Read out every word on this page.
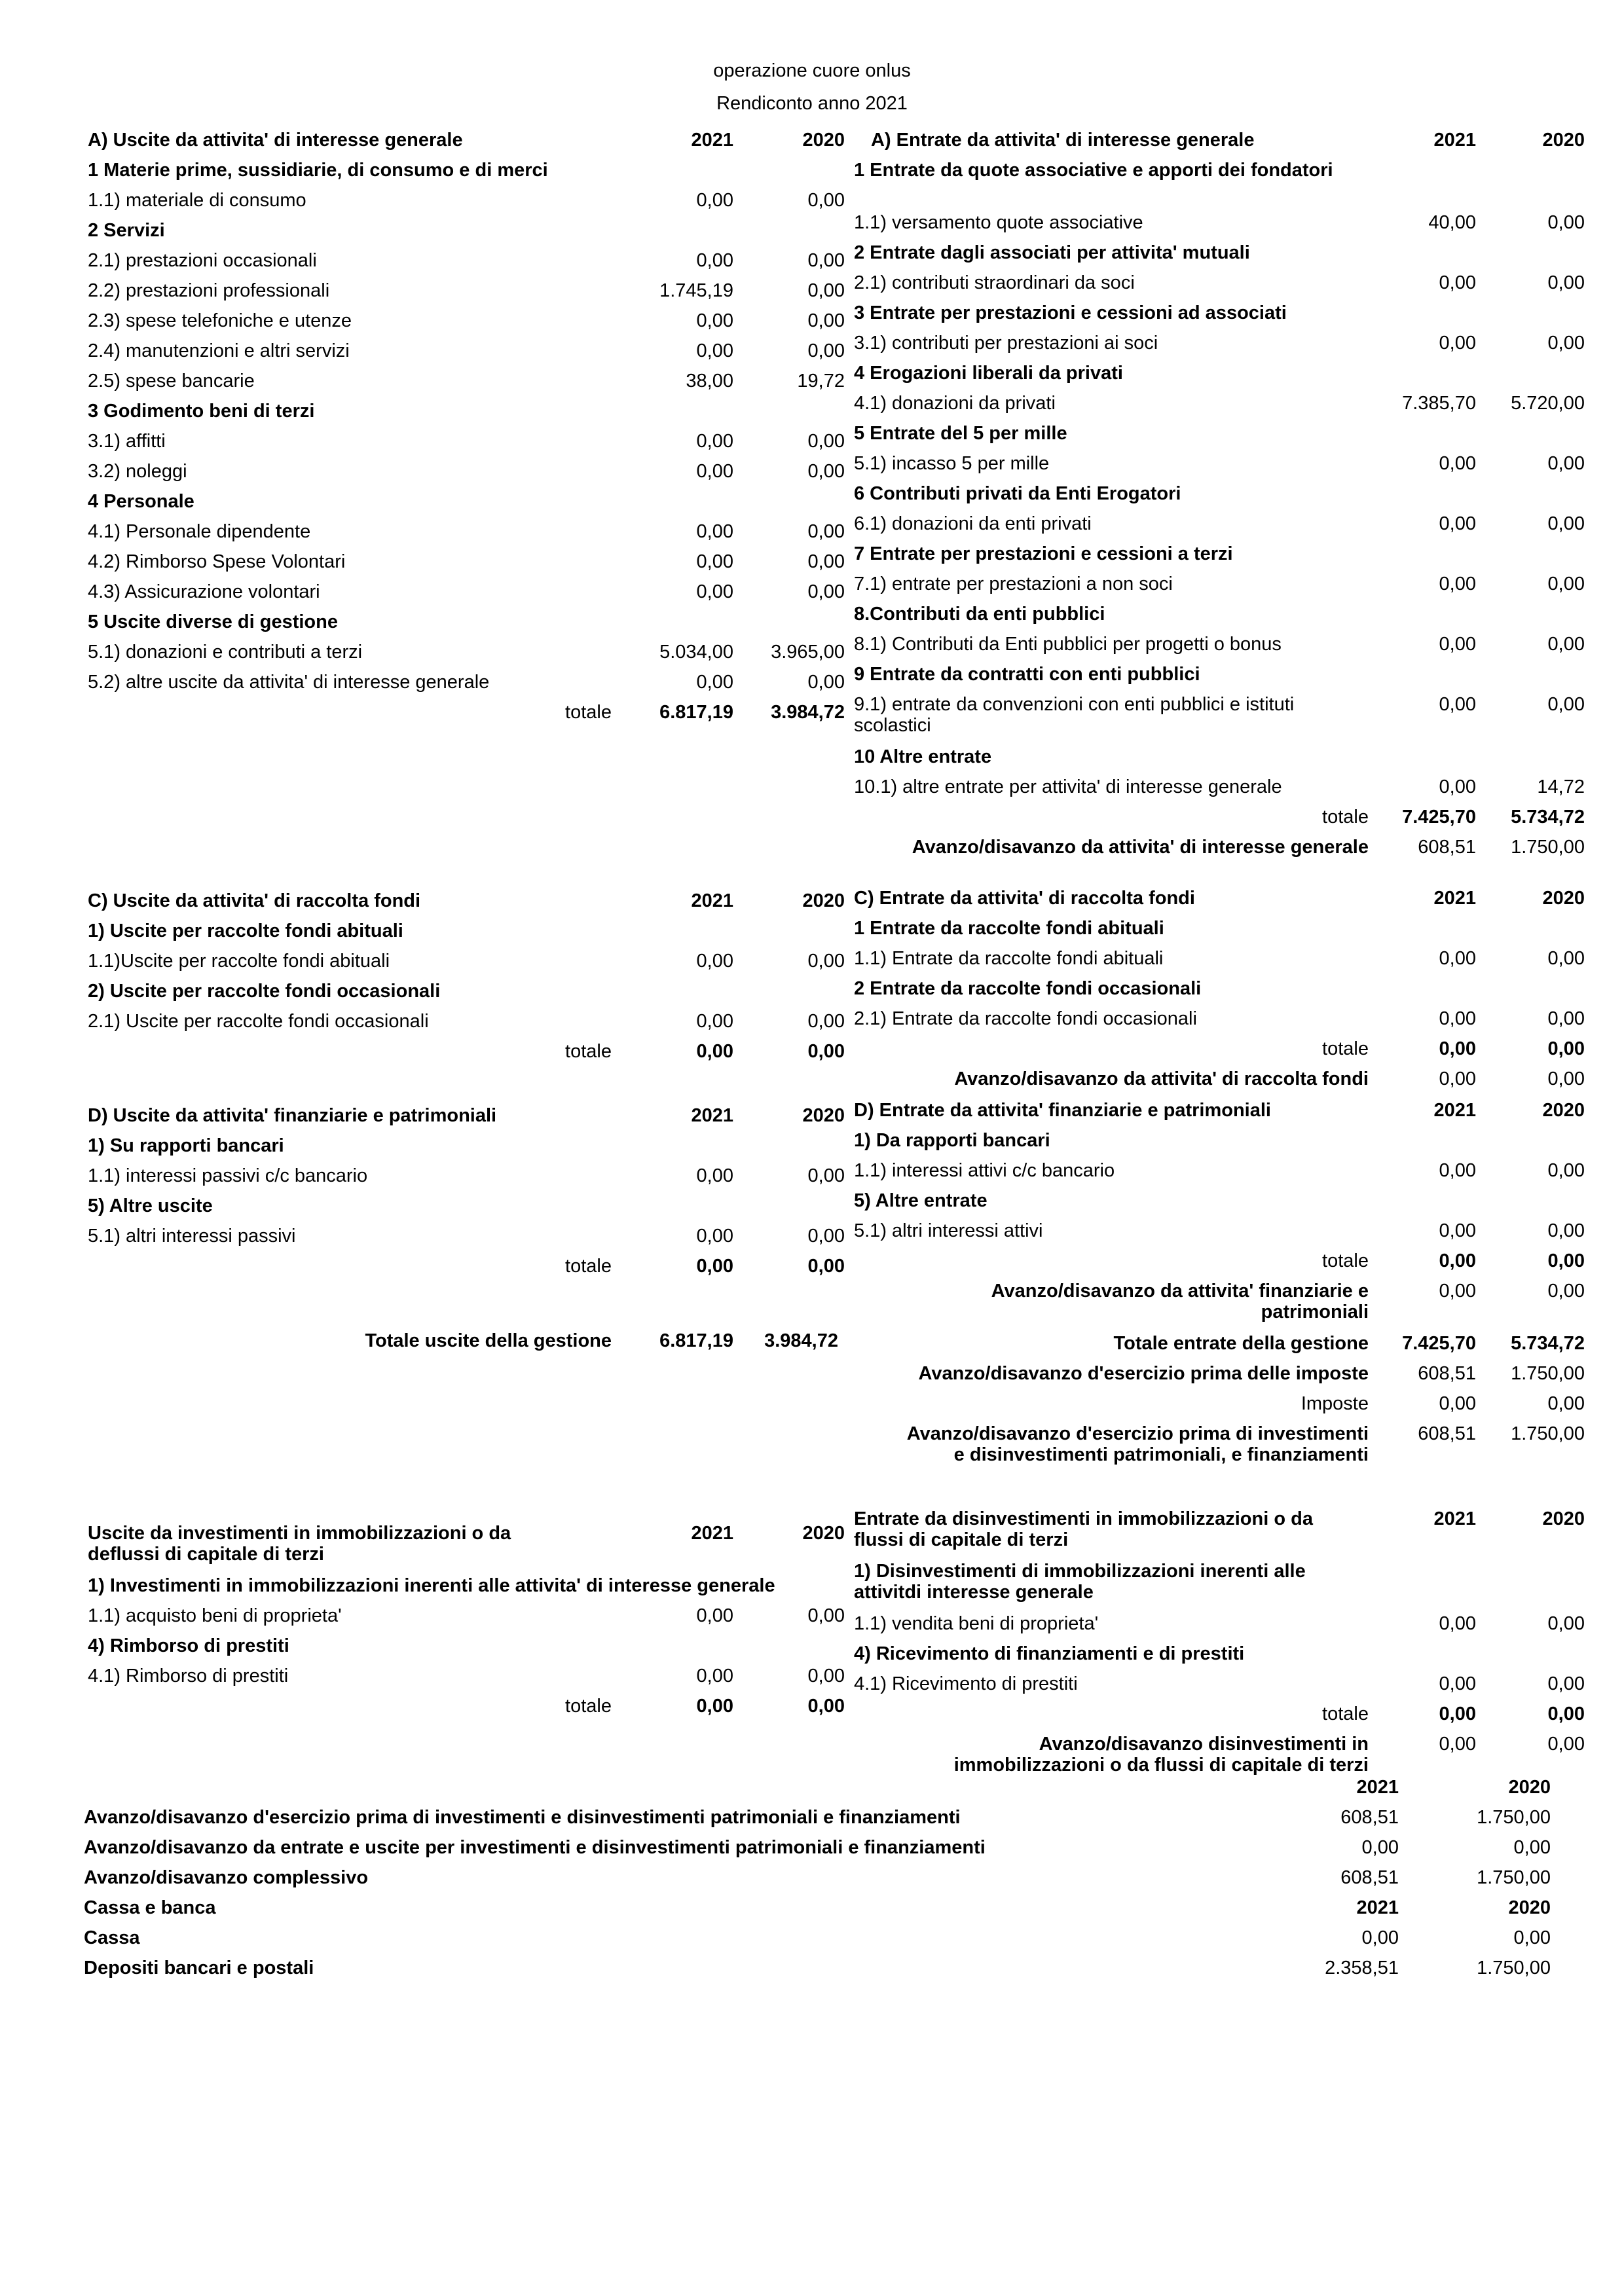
operazione cuore onlus
Rendiconto anno 2021
A) Uscite da attivita' di interesse generale	2021	2020
1 Materie prime, sussidiarie, di consumo e di merci
1.1) materiale di consumo	0,00	0,00
2 Servizi
2.1) prestazioni occasionali	0,00	0,00
2.2) prestazioni professionali	1.745,19	0,00
2.3) spese telefoniche e utenze	0,00	0,00
2.4) manutenzioni e altri servizi	0,00	0,00
2.5) spese bancarie	38,00	19,72
3 Godimento beni di terzi
3.1) affitti	0,00	0,00
3.2) noleggi	0,00	0,00
4 Personale
4.1) Personale dipendente	0,00	0,00
4.2) Rimborso Spese Volontari	0,00	0,00
4.3) Assicurazione volontari	0,00	0,00
5 Uscite diverse di gestione
5.1) donazioni e contributi a terzi	5.034,00 3.965,00
5.2) altre uscite da attivita' di interesse generale	0,00	0,00
totale	6.817,19 3.984,72
A) Entrate da attivita' di interesse generale	2021	2020
1 Entrate da quote associative e apporti dei fondatori
1.1) versamento quote associative	40,00	0,00
2 Entrate dagli associati per attivita' mutuali
2.1) contributi straordinari da soci	0,00	0,00
3 Entrate per prestazioni e cessioni ad associati
3.1) contributi per prestazioni ai soci	0,00	0,00
4 Erogazioni liberali da privati
4.1) donazioni da privati	7.385,70 5.720,00
5 Entrate del 5 per mille
5.1) incasso 5 per mille	0,00	0,00
6 Contributi privati da Enti Erogatori
6.1) donazioni da enti privati	0,00	0,00
7 Entrate per prestazioni e cessioni a terzi
7.1) entrate per prestazioni a non soci	0,00	0,00
8.Contributi da enti pubblici
8.1) Contributi da Enti pubblici per progetti o bonus	0,00	0,00
9 Entrate da contratti con enti pubblici
9.1) entrate da convenzioni con enti pubblici e istituti scolastici
0,00	0,00
10 Altre entrate
10.1) altre entrate per attivita' di interesse generale	0,00	14,72
totale 7.425,70 5.734,72
Avanzo/disavanzo da attivita' di interesse generale	608,51 1.750,00
C) Uscite da attivita' di raccolta fondi	2021	2020
1) Uscite per raccolte fondi abituali
1.1)Uscite per raccolte fondi abituali	0,00	0,00
2) Uscite per raccolte fondi occasionali
2.1) Uscite per raccolte fondi occasionali	0,00	0,00
totale	0,00	0,00
C) Entrate da attivita' di raccolta fondi	2021	2020
1 Entrate da raccolte fondi abituali
1.1) Entrate da raccolte fondi abituali	0,00	0,00
2 Entrate da raccolte fondi occasionali
2.1) Entrate da raccolte fondi occasionali	0,00	0,00
totale	0,00	0,00
Avanzo/disavanzo da attivita' di raccolta fondi	0,00	0,00
D) Uscite da attivita' finanziarie e patrimoniali	2021	2020
1) Su rapporti bancari
1.1) interessi passivi c/c bancario	0,00	0,00
5) Altre uscite
5.1) altri interessi passivi	0,00	0,00
totale	0,00	0,00
Totale uscite della gestione	6.817,19 3.984,72
D) Entrate da attivita' finanziarie e patrimoniali	2021	2020
1) Da rapporti bancari
1.1) interessi attivi c/c bancario	0,00	0,00
5) Altre entrate
5.1) altri interessi attivi	0,00	0,00
totale	0,00	0,00
Avanzo/disavanzo da attivita' finanziarie e patrimoniali
0,00	0,00
Totale entrate della gestione 7.425,70 5.734,72
Avanzo/disavanzo d'esercizio prima delle imposte	608,51 1.750,00
Imposte	0,00	0,00
Avanzo/disavanzo d'esercizio prima di investimenti e disinvestimenti patrimoniali, e finanziamenti
608,51 1.750,00
Uscite da investimenti in immobilizzazioni o da deflussi di capitale di terzi
2021	2020
1) Investimenti in immobilizzazioni inerenti alle attivita' di interesse generale
1.1) acquisto beni di proprieta'	0,00	0,00
4) Rimborso di prestiti
4.1) Rimborso di prestiti	0,00	0,00
totale	0,00	0,00
Entrate da disinvestimenti in immobilizzazioni o da flussi di capitale di terzi
2021	2020
1) Disinvestimenti di immobilizzazioni inerenti alle attivitdi interesse generale
1.1) vendita beni di proprieta'	0,00	0,00
4) Ricevimento di finanziamenti e di prestiti
4.1) Ricevimento di prestiti	0,00	0,00
totale	0,00	0,00
Avanzo/disavanzo disinvestimenti in immobilizzazioni o da flussi di capitale di terzi
0,00	0,00
2021	2020
Avanzo/disavanzo d'esercizio prima di investimenti e disinvestimenti patrimoniali e finanziamenti	608,51	1.750,00
Avanzo/disavanzo da entrate e uscite per investimenti e disinvestimenti patrimoniali e finanziamenti	0,00	0,00
Avanzo/disavanzo complessivo	608,51	1.750,00
Cassa e banca	2021	2020
Cassa	0,00	0,00
Depositi bancari e postali	2.358,51	1.750,00
